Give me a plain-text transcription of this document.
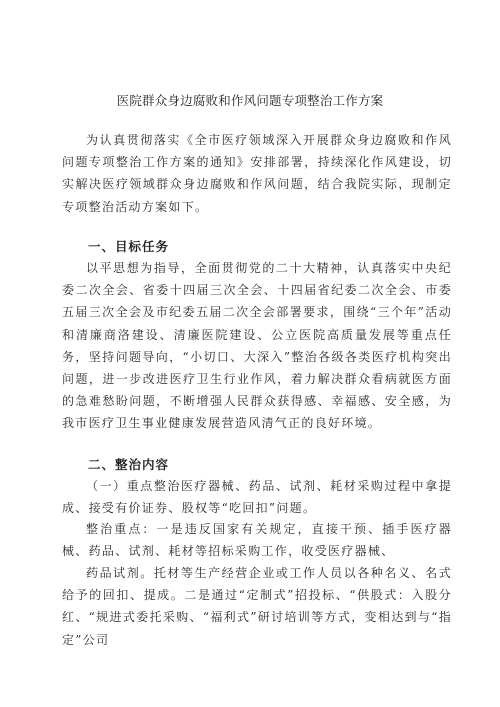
医院群众身边腐败和作风问题专项整治工作方案

为认真贯彻落实《全市医疗领域深入开展群众身边腐败和作风问题专项整治工作方案的通知》安排部署，持续深化作风建设，切实解决医疗领域群众身边腐败和作风问题，结合我院实际，现制定专项整治活动方案如下。

一、目标任务

以平思想为指导，全面贯彻党的二十大精神，认真落实中央纪委二次全会、省委十四届三次全会、十四届省纪委二次全会、市委五届三次全会及市纪委五届二次全会部署要求，围绕“三个年”活动和清廉商洛建设、清廉医院建设、公立医院高质量发展等重点任务，坚持问题导向，“小切口、大深入”整治各级各类医疗机构突出问题，进一步改进医疗卫生行业作风，着力解决群众看病就医方面的急难愁盼问题，不断增强人民群众获得感、幸福感、安全感，为我市医疗卫生事业健康发展营造风清气正的良好环境。

二、整治内容

（一）重点整治医疗器械、药品、试剂、耗材采购过程中拿提成、接受有价证券、股权等“吃回扣”问题。

整治重点：一是违反国家有关规定，直接干预、插手医疗器械、药品、试剂、耗材等招标采购工作，收受医疗器械、

药品试剂。托材等生产经营企业或工作人员以各种名义、名式给予的回扣、提成。二是通过“定制式”招投标、“供股式：入股分红、“规进式委托采购、“福利式”研讨培训等方式，变相达到与“指定”公司
